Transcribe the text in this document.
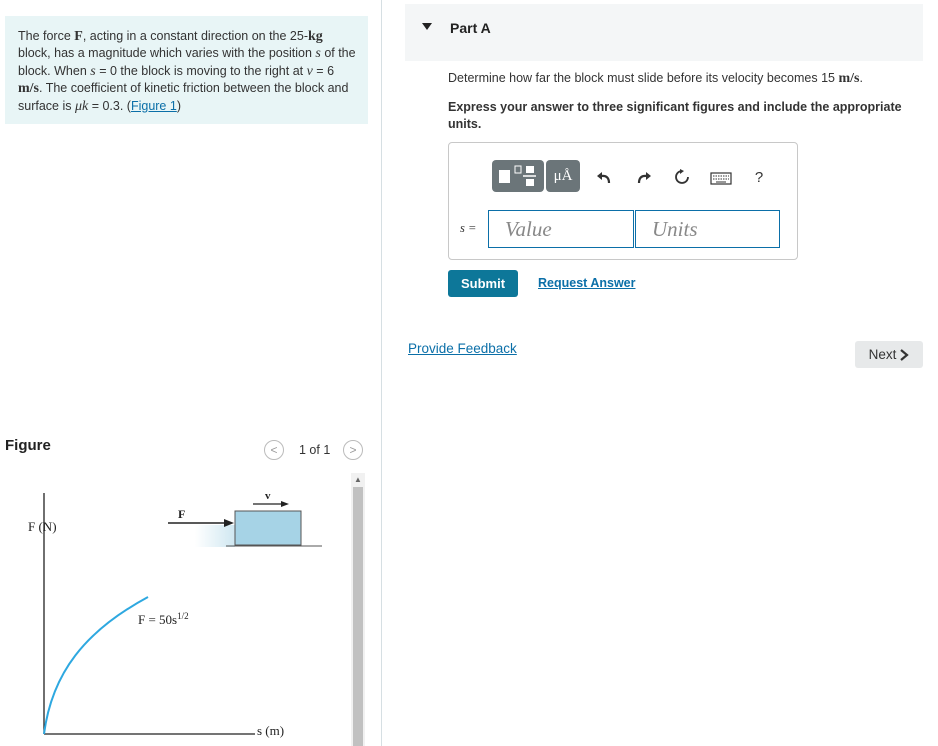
The force F, acting in a constant direction on the 25-kg block, has a magnitude which varies with the position s of the block. When s = 0 the block is moving to the right at v = 6 m/s. The coefficient of kinetic friction between the block and surface is μk = 0.3. (Figure 1)
Figure	< 1 of 1 >
F (N)
s (m)
$F = 50s^{1/2}$
F
v
▲
Part A
Determine how far the block must slide before its velocity becomes 15 m/s.
Express your answer to three significant figures and include the appropriate units.
μÅ	?
s = Value	Units
Submit	Request Answer
Provide Feedback	Next
